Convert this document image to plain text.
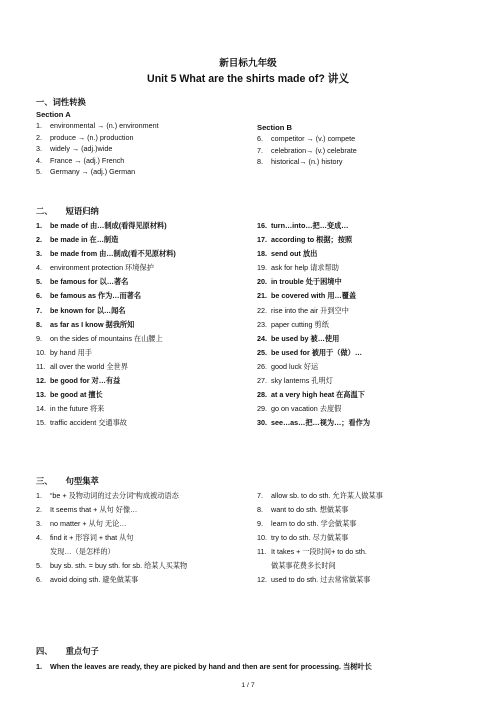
新目标九年级
Unit 5 What are the shirts made of? 讲义
一、词性转换
Section A
1.	environmental → (n.) environment
2.	produce → (n.) production
3.	widely → (adj.)wide
4.	France → (adj.) French
5.	Germany → (adj.) German
Section B
6.	competitor → (v.) compete
7.	celebration→ (v.) celebrate
8.	historical→ (n.) history
二、 短语归纳
1.	be made of 由…制成(看得见原材料)
2.	be made in 在…制造
3.	be made from 由…制成(看不见原材料)
4.	environment protection 环境保护
5.	be famous for 以…著名
6.	be famous as 作为…而著名
7.	be known for 以…闻名
8.	as far as I know 据我所知
9.	on the sides of mountains 在山腰上
10. by hand 用手
11. all over the world 全世界
12. be good for 对…有益
13. be good at 擅长
14. in the future 将来
15. traffic accident 交通事故
16. turn…into…把…变成…
17. according to 根据；按照
18. send out 放出
19. ask for help 请求帮助
20. in trouble 处于困境中
21. be covered with 用…覆盖
22. rise into the air 升到空中
23. paper cutting 剪纸
24. be used by 被…使用
25. be used for 被用于（做）…
26. good luck 好运
27. sky lanterns 孔明灯
28. at a very high heat 在高温下
29. go on vacation 去度假
30. see…as…把…视为…；看作为
三、 句型集萃
1.	“be + 及物动词的过去分词”构成被动语态
2.	It seems that + 从句 好像…
3.	no matter + 从句 无论…
4.	find it + 形容词 + that 从句
发现…（是怎样的）
5.	buy sb. sth. = buy sth. for sb. 给某人买某物
6.	avoid doing sth. 避免做某事
7.	allow sb. to do sth. 允许某人做某事
8.	want to do sth. 想做某事
9.	learn to do sth. 学会做某事
10. try to do sth. 尽力做某事
11. It takes + 一段时间+ to do sth.
做某事花费多长时间
12. used to do sth. 过去常常做某事
四、 重点句子
1.	When the leaves are ready, they are picked by hand and then are sent for processing. 当树叶长
1 / 7
